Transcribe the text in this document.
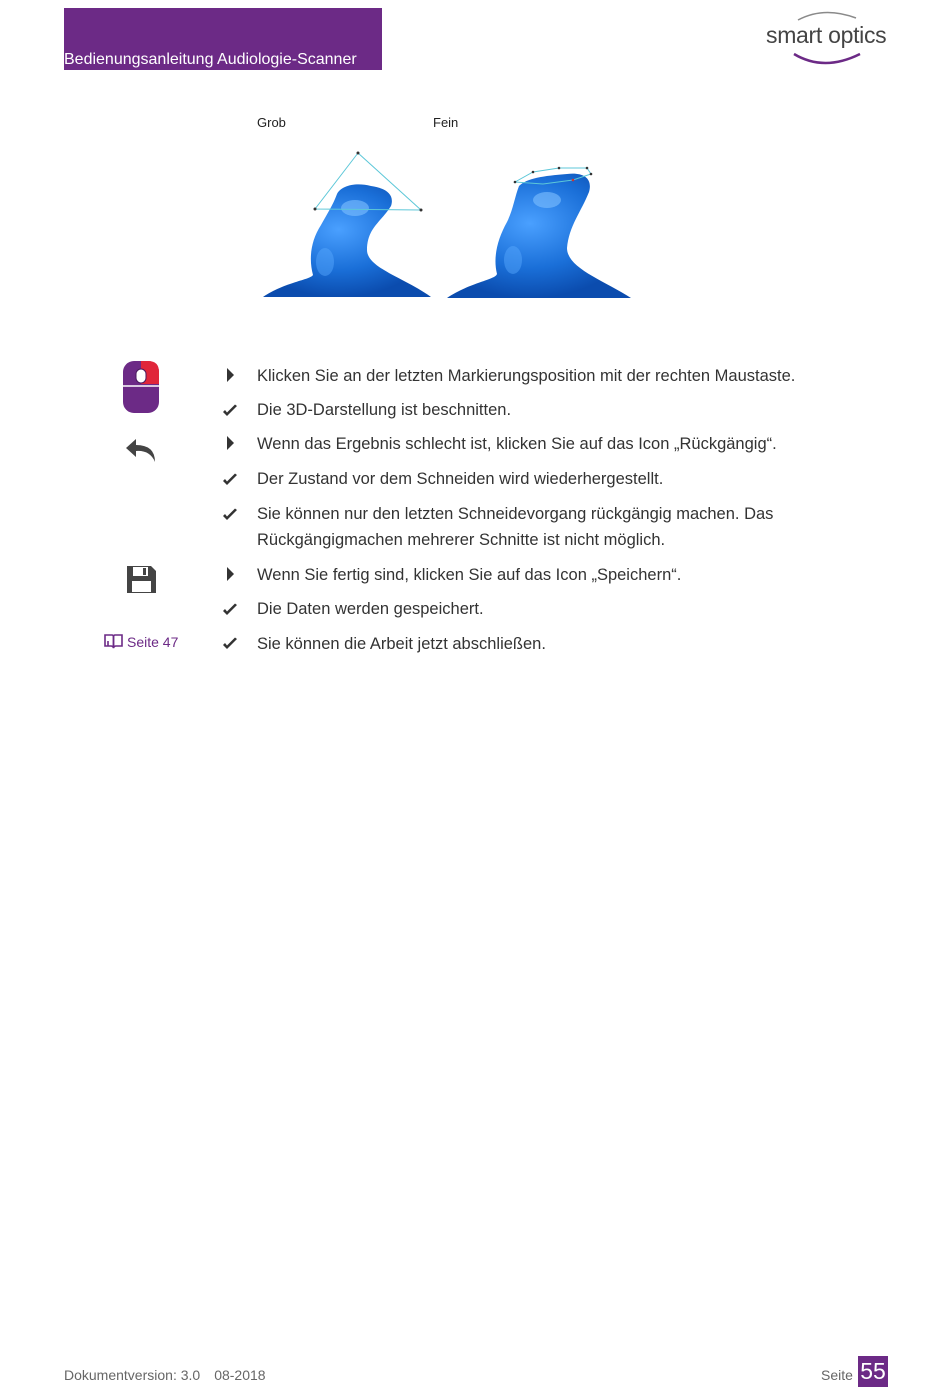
Bedienungsanleitung Audiologie-Scanner
smart optics
Grob	Fein
Seite 47
Klicken Sie an der letzten Markierungsposition mit der rechten Maustaste.
Die 3D-Darstellung ist beschnitten.
Wenn das Ergebnis schlecht ist, klicken Sie auf das Icon „Rückgängig“.
Der Zustand vor dem Schneiden wird wiederhergestellt.
Sie können nur den letzten Schneidevorgang rückgängig machen. Das Rückgängigmachen mehrerer Schnitte ist nicht möglich.
Wenn Sie fertig sind, klicken Sie auf das Icon „Speichern“.
Die Daten werden gespeichert.
Sie können die Arbeit jetzt abschließen.
Dokumentversion: 3.0 08-2018	Seite 55
